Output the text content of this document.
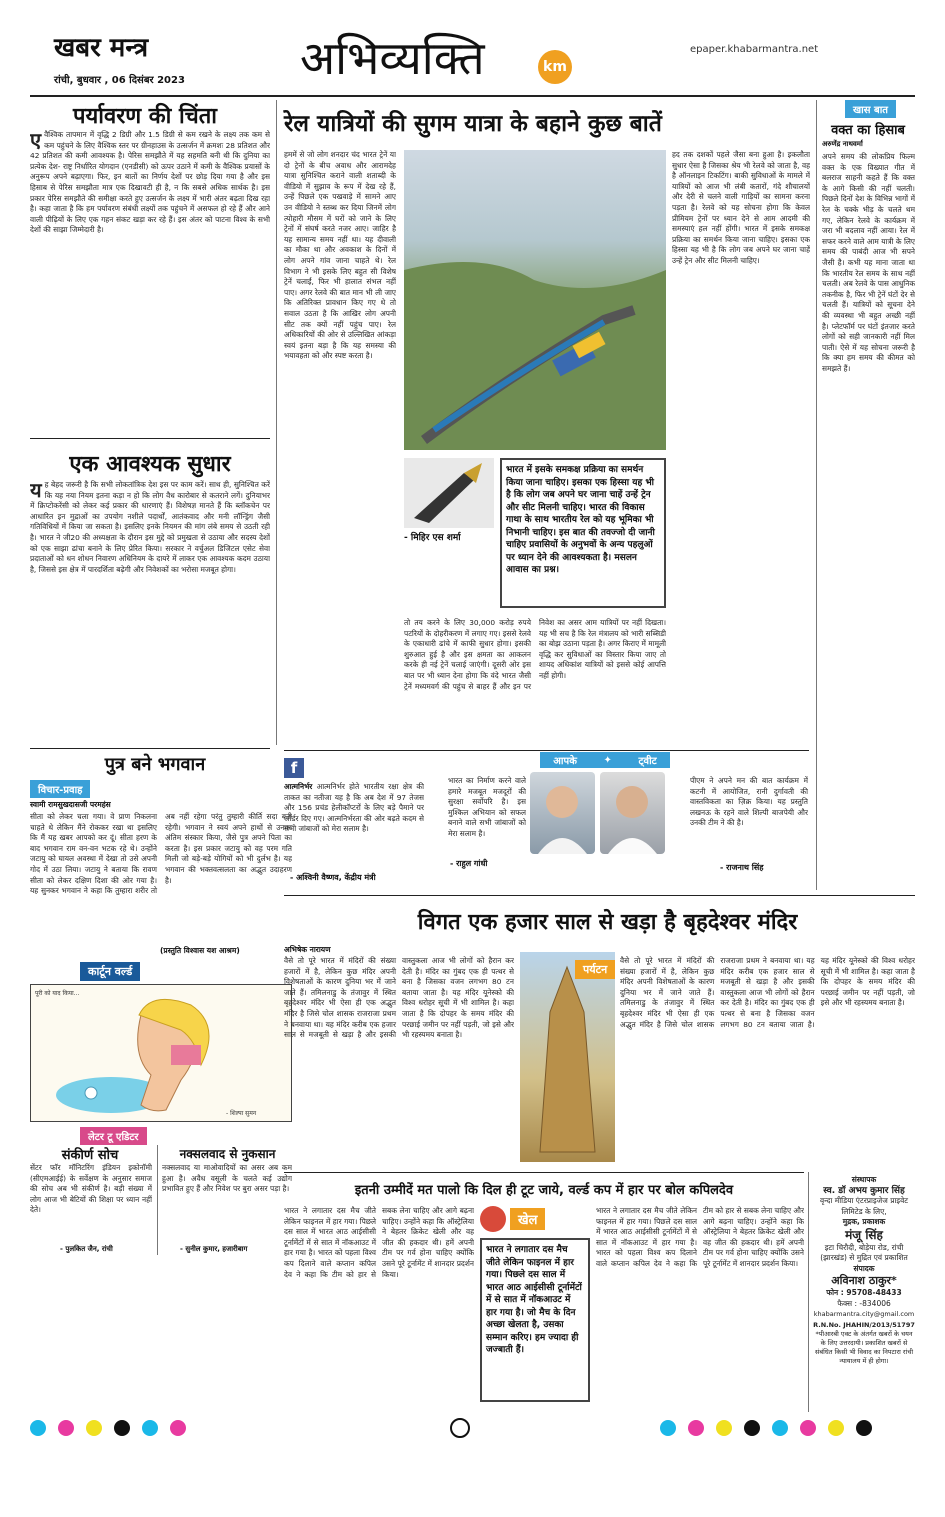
खबर मन्त्र
रांची, बुधवार , 06 दिसंबर 2023	अभिव्यक्ति	km
epaper.khabarmantra.net
पर्यावरण की चिंता
ए वैश्विक तापमान में वृद्धि 2 डिग्री और 1.5 डिग्री से कम रखने के लक्ष्य तक कम से कम पहुंचने के लिए वैश्विक स्तर पर ग्रीनहाउस के उत्सर्जन में क्रमशः 28 प्रतिशत और 42 प्रतिशत की कमी आवश्यक है। पेरिस समझौते में यह सहमति बनी थी कि दुनिया का प्रत्येक देश- राष्ट्र निर्धारित योगदान (एनडीसी) को ऊपर उठाने में कमी के वैश्विक प्रयासों के अनुरूप अपने बढ़ाएगा। फिर, इन बातों का निर्णय देशों पर छोड़ दिया गया है और इस हिसाब से पेरिस समझौता मात्र एक दिखावटी ही है, न कि सबसे अधिक सार्थक है। इस प्रकार पेरिस समझौते की समीक्षा करते हुए उत्सर्जन के लक्ष्य में भारी अंतर बढ़ता दिख रहा है। कहा जाता है कि हम पर्यावरण संबंधी लक्ष्यों तक पहुंचने में असफल हो रहे हैं और आने वाली पीढ़ियों के लिए एक गहन संकट खड़ा कर रहे हैं। इस अंतर को पाटना विश्व के सभी देशों की साझा जिम्मेदारी है।
एक आवश्यक सुधार
य ह बेहद जरूरी है कि सभी लोकतांत्रिक देश इस पर काम करें। साथ ही, सुनिश्चित करें कि यह नया नियम इतना कड़ा न हो कि लोग वैध कारोबार से कतराने लगें। दुनियाभर में क्रिप्टोकरेंसी को लेकर कई प्रकार की धारणाएं हैं। विशेषज्ञ मानते हैं कि ब्लॉकचेन पर आधारित इन मुद्राओं का उपयोग नशीले पदार्थों, आतंकवाद और मनी लॉन्ड्रिंग जैसी गतिविधियों में किया जा सकता है। इसलिए इनके नियमन की मांग लंबे समय से उठती रही है। भारत ने जी20 की अध्यक्षता के दौरान इस मुद्दे को प्रमुखता से उठाया और सदस्य देशों को एक साझा ढांचा बनाने के लिए प्रेरित किया। सरकार ने वर्चुअल डिजिटल एसेट सेवा प्रदाताओं को धन शोधन निवारण अधिनियम के दायरे में लाकर एक आवश्यक कदम उठाया है, जिससे इस क्षेत्र में पारदर्शिता बढ़ेगी और निवेशकों का भरोसा मजबूत होगा।
पुत्र बने भगवान
विचार-प्रवाह
स्वामी रामसुखदासजी परमहंस
सीता को लेकर चला गया। वे प्राण निकलना चाहते थे लेकिन मैंने रोककर रखा था इसलिए कि मैं यह खबर आपको कर दूं। सीता हरण के बाद भगवान राम वन-वन भटक रहे थे। उन्होंने जटायु को घायल अवस्था में देखा तो उसे अपनी गोद में उठा लिया। जटायु ने बताया कि रावण सीता को लेकर दक्षिण दिशा की ओर गया है। यह सुनकर भगवान ने कहा कि तुम्हारा शरीर तो अब नहीं रहेगा परंतु तुम्हारी कीर्ति सदा बनी रहेगी। भगवान ने स्वयं अपने हाथों से उनका अंतिम संस्कार किया, जैसे पुत्र अपने पिता का करता है। इस प्रकार जटायु को वह परम गति मिली जो बड़े-बड़े योगियों को भी दुर्लभ है। यह भगवान की भक्तवत्सलता का अद्भुत उदाहरण है।
(प्रस्तुति विश्वास यश आश्रम)
कार्टून वर्ल्ड
पूरी को याद किया...
- शिल्पा सुमन
लेटर टू एडिटर
संकीर्ण सोच
सेंटर फॉर मॉनिटरिंग इंडियन इकोनॉमी (सीएमआईई) के सर्वेक्षण के अनुसार समाज की सोच अब भी संकीर्ण है। बड़ी संख्या में लोग आज भी बेटियों की शिक्षा पर ध्यान नहीं देते।
- पुलकित जैन, रांची
नक्सलवाद से नुकसान
नक्सलवाद या माओवादियों का असर अब कम हुआ है। अवैध वसूली के चलते कई उद्योग प्रभावित हुए हैं और निवेश पर बुरा असर पड़ा है।
- सुनील कुमार, हजारीबाग
रेल यात्रियों की सुगम यात्रा के बहाने कुछ बातें
हममें से जो लोग शनदार चंद भारत ट्रेनें या दो ट्रेनों के बीच अवाध और आरामदेह यात्रा सुनिश्चित कराने वाली शताब्दी के वीडियो में सुझाव के रूप में देख रहे हैं, उन्हें पिछले एक पखवाड़े में सामने आए उन वीडियो ने स्तब्ध कर दिया जिनमें लोग त्योहारी मौसम में घरों को जाने के लिए ट्रेनों में संघर्ष करते नजर आए। जाहिर है यह सामान्य समय नहीं था। यह दीवाली का मौका था और अवकाश के दिनों में लोग अपने गांव जाना चाहते थे। रेल विभाग ने भी इसके लिए बहुत सी विशेष ट्रेनें चलाईं, फिर भी हालात संभल नहीं पाए। अगर रेलवे की बात मान भी ली जाए कि अतिरिक्त प्रावधान किए गए थे तो सवाल उठता है कि आखिर लोग अपनी सीट तक क्यों नहीं पहुंच पाए। रेल अधिकारियों की ओर से उल्लिखित आंकड़ा स्वयं इतना बड़ा है कि यह समस्या की भयावहता को और स्पष्ट करता है।
हद तक दशकों पहले जैसा बना हुआ है। इकलौता सुधार ऐसा है जिसका श्रेय भी रेलवे को जाता है, वह है ऑनलाइन टिकटिंग। बाकी सुविधाओं के मामले में यात्रियों को आज भी लंबी कतारों, गंदे शौचालयों और देरी से चलने वाली गाड़ियों का सामना करना पड़ता है। रेलवे को यह सोचना होगा कि केवल प्रीमियम ट्रेनों पर ध्यान देने से आम आदमी की समस्याएं हल नहीं होंगी। भारत में इसके समकक्ष प्रक्रिया का समर्थन किया जाना चाहिए। इसका एक हिस्सा यह भी है कि लोग जब अपने घर जाना चाहें उन्हें ट्रेन और सीट मिलनी चाहिए।
- मिहिर एस शर्मा
भारत में इसके समकक्ष प्रक्रिया का समर्थन किया जाना चाहिए। इसका एक हिस्सा यह भी है कि लोग जब अपने घर जाना चाहें उन्हें ट्रेन और सीट मिलनी चाहिए। भारत की विकास गाथा के साथ भारतीय रेल को यह भूमिका भी निभानी चाहिए। इस बात की तवज्जो दी जानी चाहिए प्रवासियों के अनुभवों के अन्य पहलुओं पर ध्यान देने की आवश्यकता है। मसलन आवास का प्रश्न।
तो तय करने के लिए 30,000 करोड़ रुपये पटरियों के दोहरीकरण में लगाए गए। इससे रेलवे के एकाधारी ढांचे में काफी सुधार होगा। इसकी शुरुआत हुई है और इस क्षमता का आकलन करके ही नई ट्रेनें चलाई जाएंगी। दूसरी ओर इस बात पर भी ध्यान देना होगा कि वंदे भारत जैसी ट्रेनें मध्यमवर्ग की पहुंच से बाहर हैं और इन पर निवेश का असर आम यात्रियों पर नहीं दिखता। यह भी सच है कि रेल मंत्रालय को भारी सब्सिडी का बोझ उठाना पड़ता है। अगर किराए में मामूली वृद्धि कर सुविधाओं का विस्तार किया जाए तो शायद अधिकांश यात्रियों को इससे कोई आपत्ति नहीं होगी।
f
आत्मनिर्भर आत्मनिर्भर होते भारतीय रक्षा क्षेत्र की ताकत का नतीजा यह है कि अब देश में 97 तेजस और 156 प्रचंड हेलीकॉप्टरों के लिए बड़े पैमाने पर ऑर्डर दिए गए। आत्मनिर्भरता की ओर बढ़ते कदम से सभी जांबाजों को मेरा सलाम है।
- अश्विनी वैष्णव, केंद्रीय मंत्री
आपके	✦	ट्वीट
भारत का निर्माण करने वाले हमारे मजबूत मजदूरों की सुरक्षा सर्वोपरि है। इस मुश्किल अभियान को सफल बनाने वाले सभी जांबाजों को मेरा सलाम है।
- राहुल गांधी
पीएम ने अपने मन की बात कार्यक्रम में कटनी में आयोजित, रानी दुर्गावती की वास्तविकता का ज़िक्र किया। यह प्रस्तुति लखनऊ के रहने वाले शिल्पी बाजपेयी और उनकी टीम ने की है।
- राजनाथ सिंह
खास बात
वक्त का हिसाब
अरुणेंद्र नाथवर्मा
अपने समय की लोकप्रिय फिल्म वक्त के एक विख्यात गीत में बलराज साहनी कहते हैं कि वक्त के आगे किसी की नहीं चलती। पिछले दिनों देश के विभिन्न भागों में रेल के चक्के भीड़ के चलते थम गए, लेकिन रेलवे के कार्यक्रम में जरा भी बदलाव नहीं आया। रेल में सफर करने वाले आम यात्री के लिए समय की पाबंदी आज भी सपने जैसी है। कभी यह माना जाता था कि भारतीय रेल समय के साथ नहीं चलती। अब रेलवे के पास आधुनिक तकनीक है, फिर भी ट्रेनें घंटों देर से चलती हैं। यात्रियों को सूचना देने की व्यवस्था भी बहुत अच्छी नहीं है। प्लेटफॉर्म पर घंटों इंतजार करते लोगों को सही जानकारी नहीं मिल पाती। ऐसे में यह सोचना जरूरी है कि क्या हम समय की कीमत को समझते हैं।
विगत एक हजार साल से खड़ा है बृहदेश्वर मंदिर
अभिषेक नारायण
वैसे तो पूरे भारत में मंदिरों की संख्या हजारों में है, लेकिन कुछ मंदिर अपनी विशेषताओं के कारण दुनिया भर में जाने जाते हैं। तमिलनाडु के तंजावुर में स्थित बृहदेश्वर मंदिर भी ऐसा ही एक अद्भुत मंदिर है जिसे चोल शासक राजराजा प्रथम ने बनवाया था। यह मंदिर करीब एक हजार साल से मजबूती से खड़ा है और इसकी वास्तुकला आज भी लोगों को हैरान कर देती है। मंदिर का गुंबद एक ही पत्थर से बना है जिसका वजन लगभग 80 टन बताया जाता है। यह मंदिर यूनेस्को की विश्व धरोहर सूची में भी शामिल है। कहा जाता है कि दोपहर के समय मंदिर की परछाई जमीन पर नहीं पड़ती, जो इसे और भी रहस्यमय बनाता है।
पर्यटन
वैसे तो पूरे भारत में मंदिरों की संख्या हजारों में है, लेकिन कुछ मंदिर अपनी विशेषताओं के कारण दुनिया भर में जाने जाते हैं। तमिलनाडु के तंजावुर में स्थित बृहदेश्वर मंदिर भी ऐसा ही एक अद्भुत मंदिर है जिसे चोल शासक राजराजा प्रथम ने बनवाया था। यह मंदिर करीब एक हजार साल से मजबूती से खड़ा है और इसकी वास्तुकला आज भी लोगों को हैरान कर देती है। मंदिर का गुंबद एक ही पत्थर से बना है जिसका वजन लगभग 80 टन बताया जाता है। यह मंदिर यूनेस्को की विश्व धरोहर सूची में भी शामिल है। कहा जाता है कि दोपहर के समय मंदिर की परछाई जमीन पर नहीं पड़ती, जो इसे और भी रहस्यमय बनाता है।
इतनी उम्मीदें मत पालो कि दिल ही टूट जाये, वर्ल्ड कप में हार पर बोल कपिलदेव
भारत ने लगातार दस मैच जीते लेकिन फाइनल में हार गया। पिछले दस साल में भारत आठ आईसीसी टूर्नामेंटों में से सात में नॉकआउट में हार गया है। भारत को पहला विश्व कप दिलाने वाले कप्तान कपिल देव ने कहा कि टीम को हार से सबक लेना चाहिए और आगे बढ़ना चाहिए। उन्होंने कहा कि ऑस्ट्रेलिया ने बेहतर क्रिकेट खेली और वह जीत की हकदार थी। हमें अपनी टीम पर गर्व होना चाहिए क्योंकि उसने पूरे टूर्नामेंट में शानदार प्रदर्शन किया।
खेल
भारत ने लगातार दस मैच जीते लेकिन फाइनल में हार गया। पिछले दस साल में भारत आठ आईसीसी टूर्नामेंटों में से सात में नॉकआउट में हार गया है। जो मैच के दिन अच्छा खेलता है, उसका सम्मान करिए। हम ज्यादा ही जज्बाती हैं।
भारत ने लगातार दस मैच जीते लेकिन फाइनल में हार गया। पिछले दस साल में भारत आठ आईसीसी टूर्नामेंटों में से सात में नॉकआउट में हार गया है। भारत को पहला विश्व कप दिलाने वाले कप्तान कपिल देव ने कहा कि टीम को हार से सबक लेना चाहिए और आगे बढ़ना चाहिए। उन्होंने कहा कि ऑस्ट्रेलिया ने बेहतर क्रिकेट खेली और वह जीत की हकदार थी। हमें अपनी टीम पर गर्व होना चाहिए क्योंकि उसने पूरे टूर्नामेंट में शानदार प्रदर्शन किया।
संस्थापक
स्व. डॉ अभय कुमार सिंह
वृन्दा मीडिया एंटरप्राइजेज प्राइवेट लिमिटेड के लिए,
मुद्रक, प्रकाशक
मंजू सिंह
इटा चिरौदी, बोड़ेया रोड, रांची (झारखंड) से मुद्रित एवं प्रकाशित
संपादक
अविनाश ठाकुर*
फोन : 95708-48433
फैक्स : -834006
khabarmantra.city@gmail.com
R.N.No. JHAHIN/2013/51797
*पीआरबी एक्ट के अंतर्गत खबरों के चयन के लिए उत्तरदायी। प्रकाशित खबरों से संबंधित किसी भी विवाद का निपटारा रांची न्यायालय में ही होगा।
